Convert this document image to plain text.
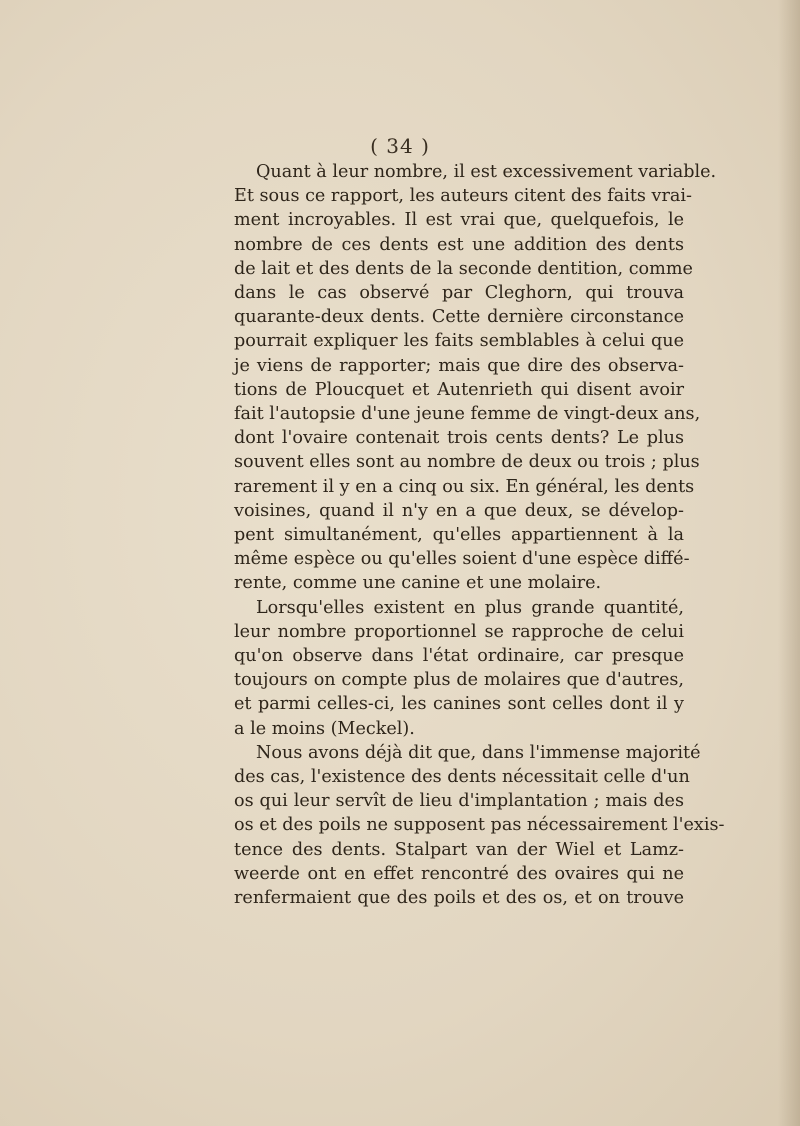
( 34 )
Quant à leur nombre, il est excessivement variable.
Et sous ce rapport, les auteurs citent des faits vrai-
ment incroyables. Il est vrai que, quelquefois, le
nombre de ces dents est une addition des dents
de lait et des dents de la seconde dentition, comme
dans le cas observé par Cleghorn, qui trouva
quarante-deux dents. Cette dernière circonstance
pourrait expliquer les faits semblables à celui que
je viens de rapporter; mais que dire des observa-
tions de Ploucquet et Autenrieth qui disent avoir
fait l'autopsie d'une jeune femme de vingt-deux ans,
dont l'ovaire contenait trois cents dents? Le plus
souvent elles sont au nombre de deux ou trois ; plus
rarement il y en a cinq ou six. En général, les dents
voisines, quand il n'y en a que deux, se dévelop-
pent simultanément, qu'elles appartiennent à la
même espèce ou qu'elles soient d'une espèce diffé-
rente, comme une canine et une molaire.
Lorsqu'elles existent en plus grande quantité,
leur nombre proportionnel se rapproche de celui
qu'on observe dans l'état ordinaire, car presque
toujours on compte plus de molaires que d'autres,
et parmi celles-ci, les canines sont celles dont il y
a le moins (Meckel).
Nous avons déjà dit que, dans l'immense majorité
des cas, l'existence des dents nécessitait celle d'un
os qui leur servît de lieu d'implantation ; mais des
os et des poils ne supposent pas nécessairement l'exis-
tence des dents. Stalpart van der Wiel et Lamz-
weerde ont en effet rencontré des ovaires qui ne
renfermaient que des poils et des os, et on trouve
